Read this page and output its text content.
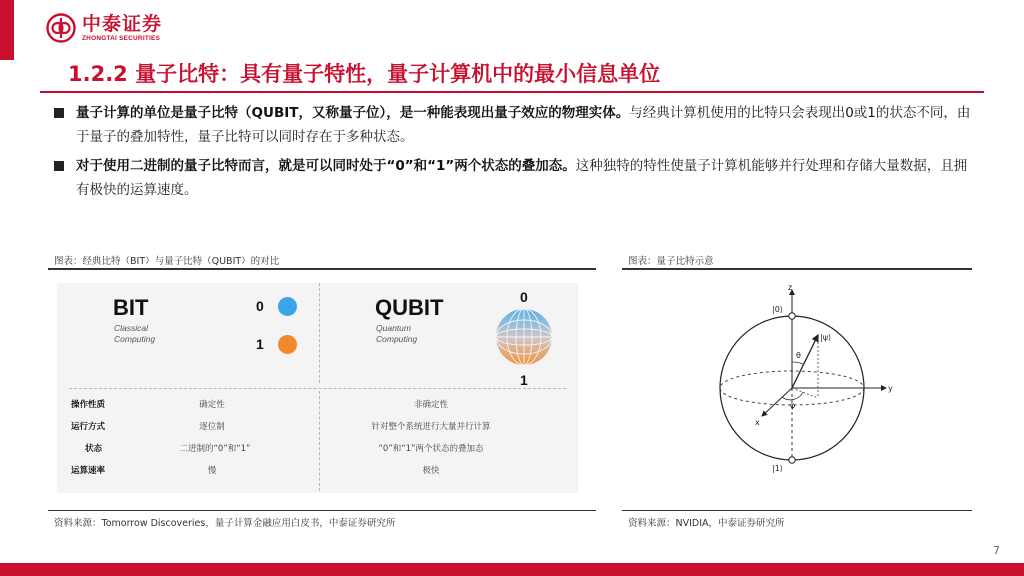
中泰证券
ZHONGTAI SECURITIES
1.2.2 量子比特：具有量子特性，量子计算机中的最小信息单位
量子计算的单位是量子比特（QUBIT，又称量子位），是一种能表现出量子效应的物理实体。与经典计算机使用的比特只会表现出0或1的状态不同，由于量子的叠加特性，量子比特可以同时存在于多种状态。
对于使用二进制的量子比特而言，就是可以同时处于“0”和“1”两个状态的叠加态。这种独特的特性使量子计算机能够并行处理和存储大量数据，且拥有极快的运算速度。
图表：经典比特（BIT）与量子比特（QUBIT）的对比
BIT
Classical
Computing
0
1
QUBIT
Quantum
Computing
0
1
操作性质	确定性	非确定性
运行方式	逐位制	针对整个系统进行大量并行计算
状态	二进制的“0”和“1”	“0”和“1”两个状态的叠加态
运算速率	慢	极快
资料来源：Tomorrow Discoveries，量子计算金融应用白皮书，中泰证券研究所
图表：量子比特示意
z
y
x
|0⟩
|1⟩
|ψ⟩
θ
φ
资料来源：NVIDIA，中泰证券研究所
7
